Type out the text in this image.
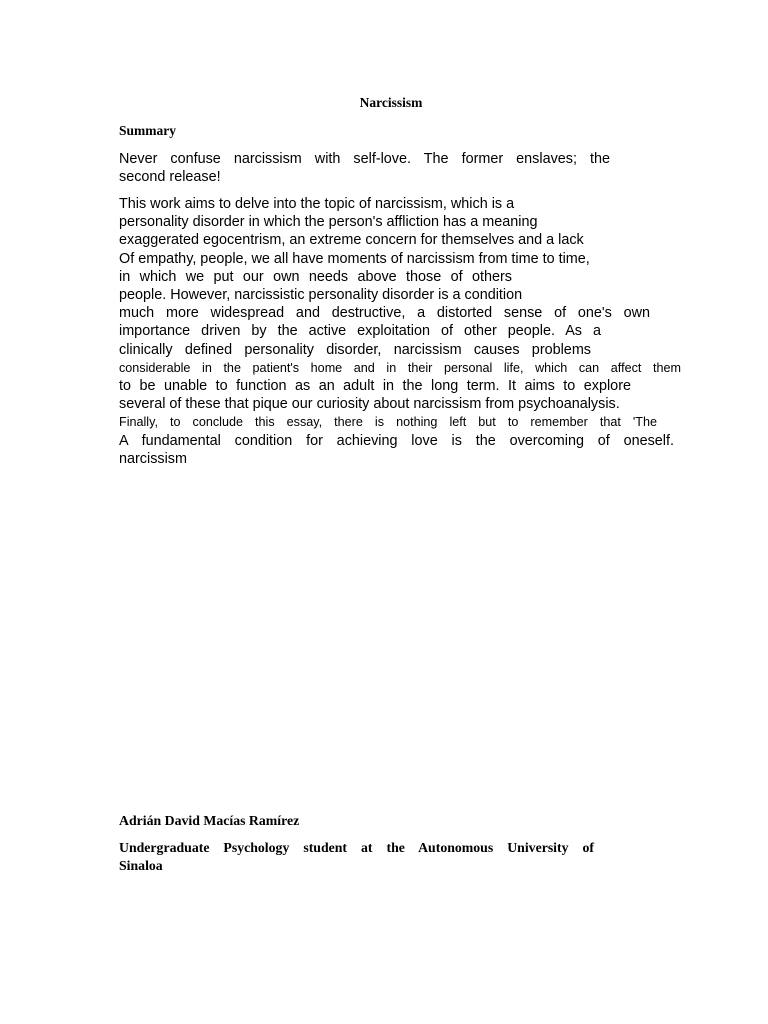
Narcissism
Summary
Never confuse narcissism with self-love. The former enslaves; the
second release!
This work aims to delve into the topic of narcissism, which is a
personality disorder in which the person's affliction has a meaning
exaggerated egocentrism, an extreme concern for themselves and a lack
Of empathy, people, we all have moments of narcissism from time to time,
in which we put our own needs above those of others
people. However, narcissistic personality disorder is a condition
much more widespread and destructive, a distorted sense of one's own
importance driven by the active exploitation of other people. As a
clinically defined personality disorder, narcissism causes problems
considerable in the patient's home and in their personal life, which can affect them
to be unable to function as an adult in the long term. It aims to explore
several of these that pique our curiosity about narcissism from psychoanalysis.
Finally, to conclude this essay, there is nothing left but to remember that 'The
A fundamental condition for achieving love is the overcoming of oneself.
narcissism
Adrián David Macías Ramírez
Undergraduate Psychology student at the Autonomous University of
Sinaloa
